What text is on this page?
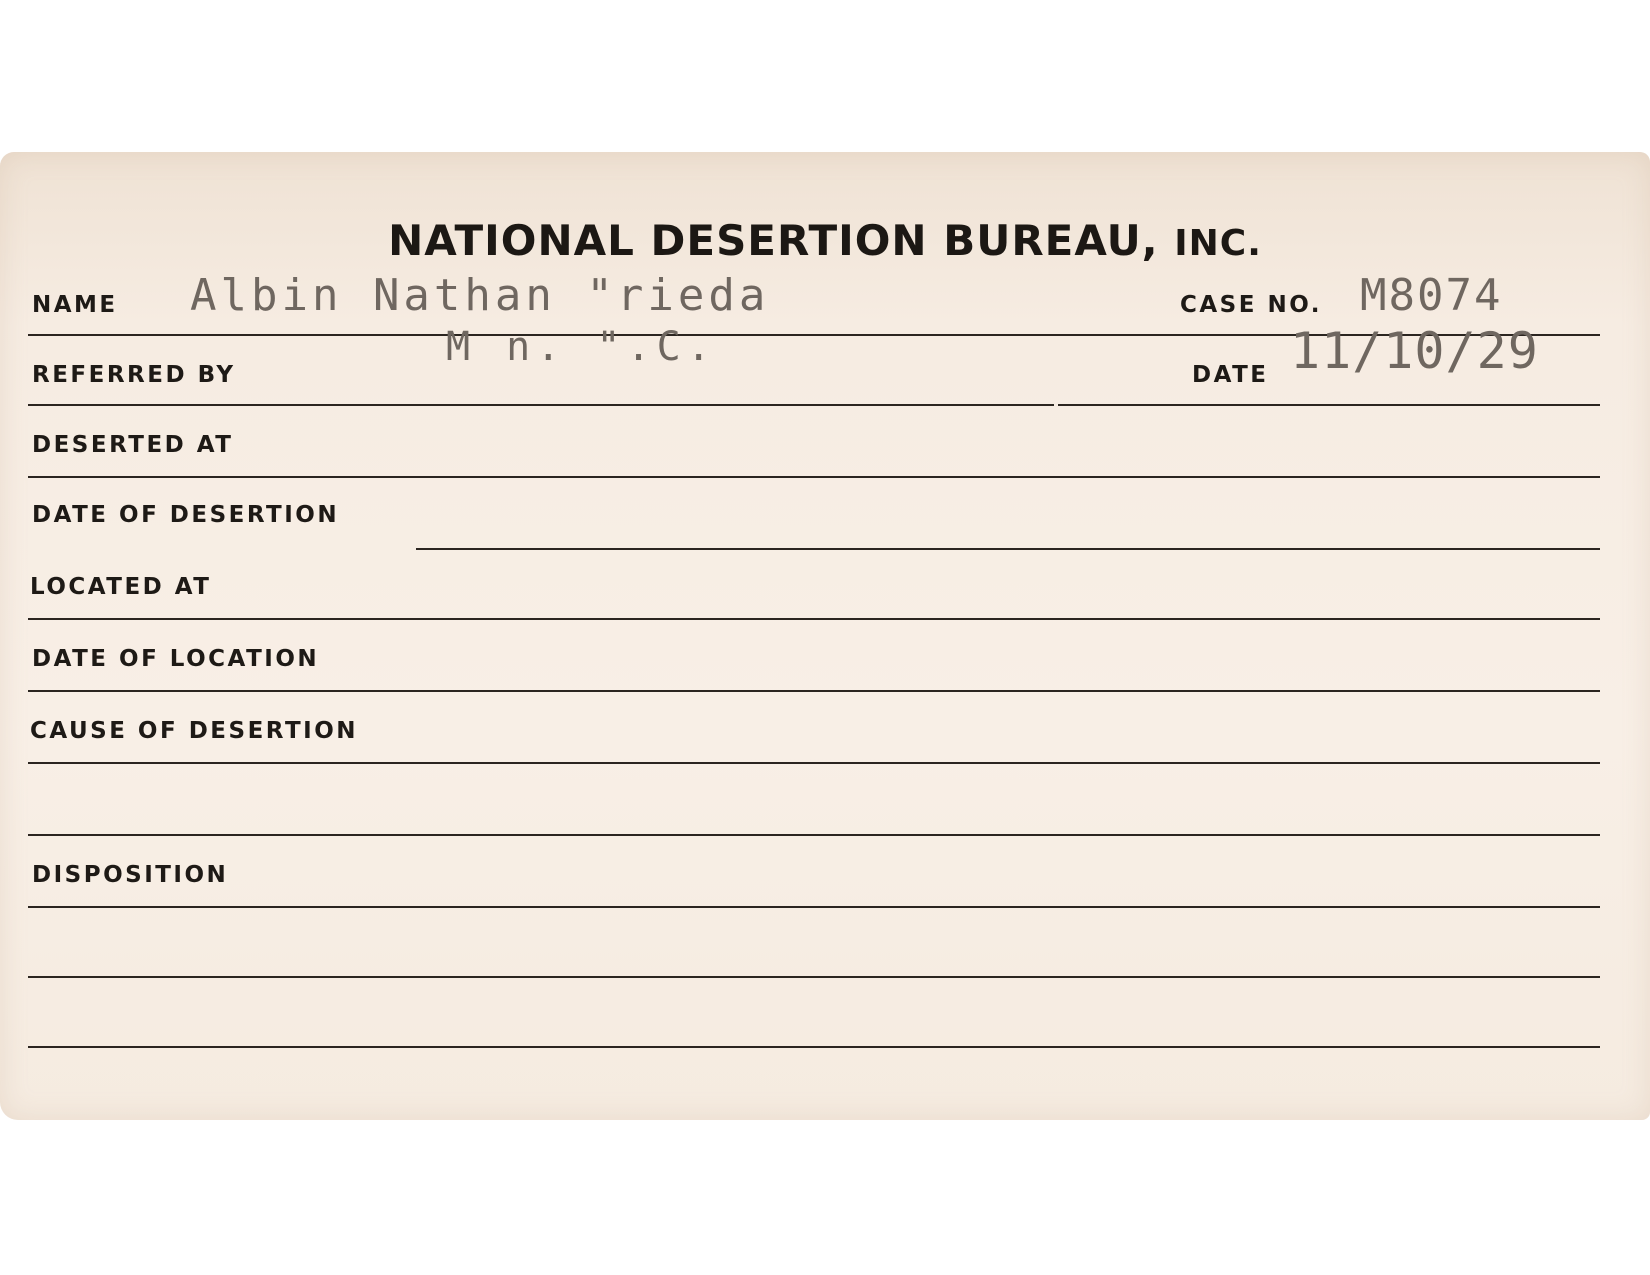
NATIONAL DESERTION BUREAU, INC.
NAME Albin Nathan "rieda	CASE NO. M8074
REFERRED BY
M n. ".C.
DATE 11/10/29
DESERTED AT
DATE OF DESERTION
LOCATED AT
DATE OF LOCATION
CAUSE OF DESERTION
DISPOSITION
